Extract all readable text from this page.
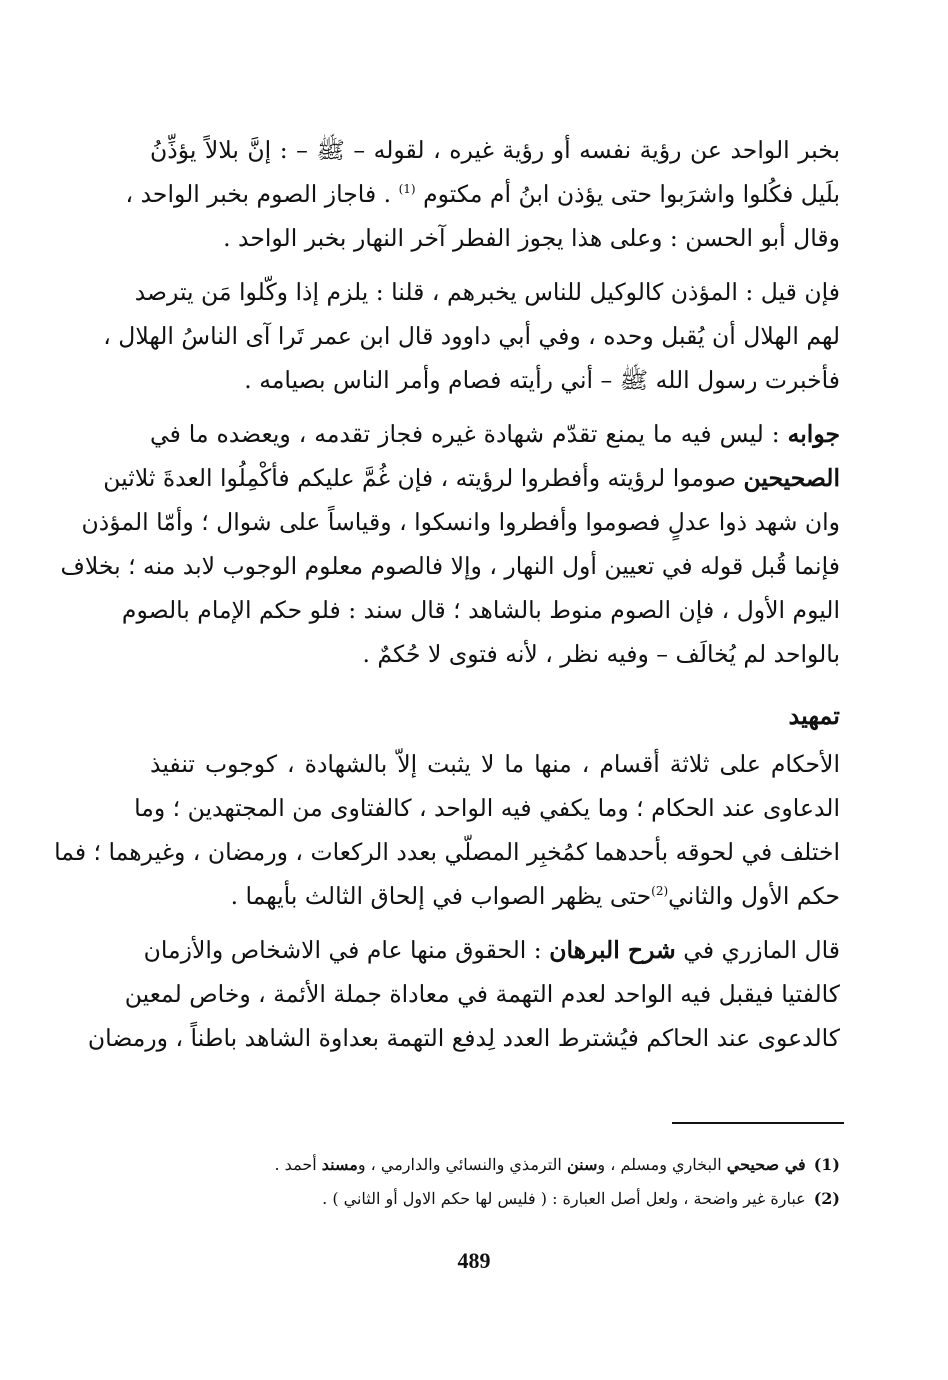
بخبر الواحد عن رؤية نفسه أو رؤية غيره ، لقوله – ﷺ – : إنَّ بلالاً يؤذِّنُ
بلَيل فكُلوا واشرَبوا حتى يؤذن ابنُ أم مكتوم $^{(1)}$ . فاجاز الصوم بخبر الواحد ،
وقال أبو الحسن : وعلى هذا يجوز الفطر آخر النهار بخبر الواحد .
فإن قيل : المؤذن كالوكيل للناس يخبرهم ، قلنا : يلزم إذا وكّلوا مَن يترصد
لهم الهلال أن يُقبل وحده ، وفي أبي داوود قال ابن عمر تَرا آى الناسُ الهلال ،
فأخبرت رسول الله ﷺ – أني رأيته فصام وأمر الناس بصيامه .
جوابه : ليس فيه ما يمنع تقدّم شهادة غيره فجاز تقدمه ، ويعضده ما في
الصحيحين صوموا لرؤيته وأفطروا لرؤيته ، فإن غُمَّ عليكم فأكْمِلُوا العدةَ ثلاثين
وان شهد ذوا عدلٍ فصوموا وأفطروا وانسكوا ، وقياساً على شوال ؛ وأمّا المؤذن
فإنما قُبل قوله في تعيين أول النهار ، وإلا فالصوم معلوم الوجوب لابد منه ؛ بخلاف
اليوم الأول ، فإن الصوم منوط بالشاهد ؛ قال سند : فلو حكم الإمام بالصوم
بالواحد لم يُخالَف – وفيه نظر ، لأنه فتوى لا حُكمٌ .
تمهيد
الأحكام على ثلاثة أقسام ، منها ما لا يثبت إلاّ بالشهادة ، كوجوب تنفيذ
الدعاوى عند الحكام ؛ وما يكفي فيه الواحد ، كالفتاوى من المجتهدين ؛ وما
اختلف في لحوقه بأحدهما كمُخبِر المصلّي بعدد الركعات ، ورمضان ، وغيرهما ؛ فما
حكم الأول والثاني$^{(2)}$حتى يظهر الصواب في إلحاق الثالث بأيهما .
قال المازري في شرح البرهان : الحقوق منها عام في الاشخاص والأزمان
كالفتيا فيقبل فيه الواحد لعدم التهمة في معاداة جملة الأئمة ، وخاص لمعين
كالدعوى عند الحاكم فيُشترط العدد لِدفع التهمة بعداوة الشاهد باطناً ، ورمضان
(1)في صحيحي البخاري ومسلم ، وسنن الترمذي والنسائي والدارمي ، ومسند أحمد .
(2)عبارة غير واضحة ، ولعل أصل العبارة : ( فليس لها حكم الاول أو الثاني ) .
489
